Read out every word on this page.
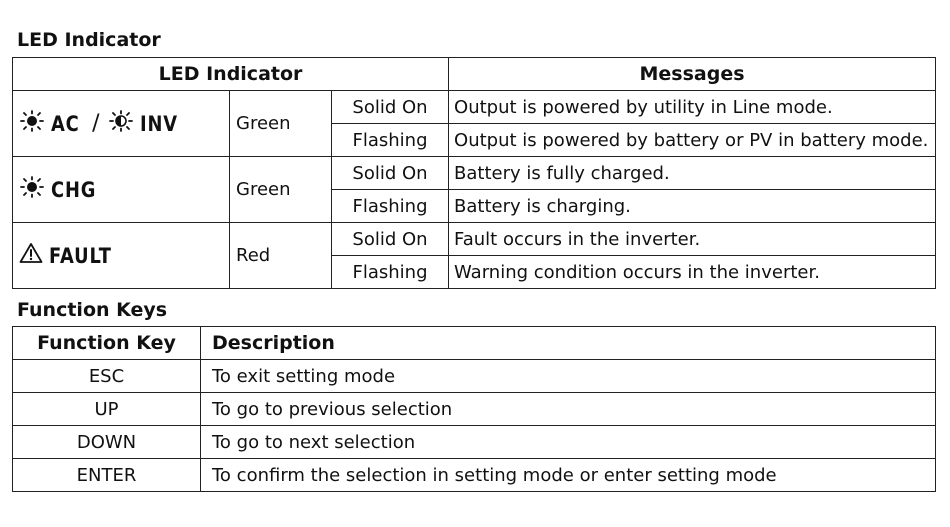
LED Indicator
LED Indicator			Messages
AC / INV	Green	Solid On	Output is powered by utility in Line mode.
		Flashing	Output is powered by battery or PV in battery mode.
CHG	Green	Solid On	Battery is fully charged.
		Flashing	Battery is charging.
FAULT	Red	Solid On	Fault occurs in the inverter.
		Flashing	Warning condition occurs in the inverter.
Function Keys
Function Key	Description
ESC	To exit setting mode
UP	To go to previous selection
DOWN	To go to next selection
ENTER	To confirm the selection in setting mode or enter setting mode
